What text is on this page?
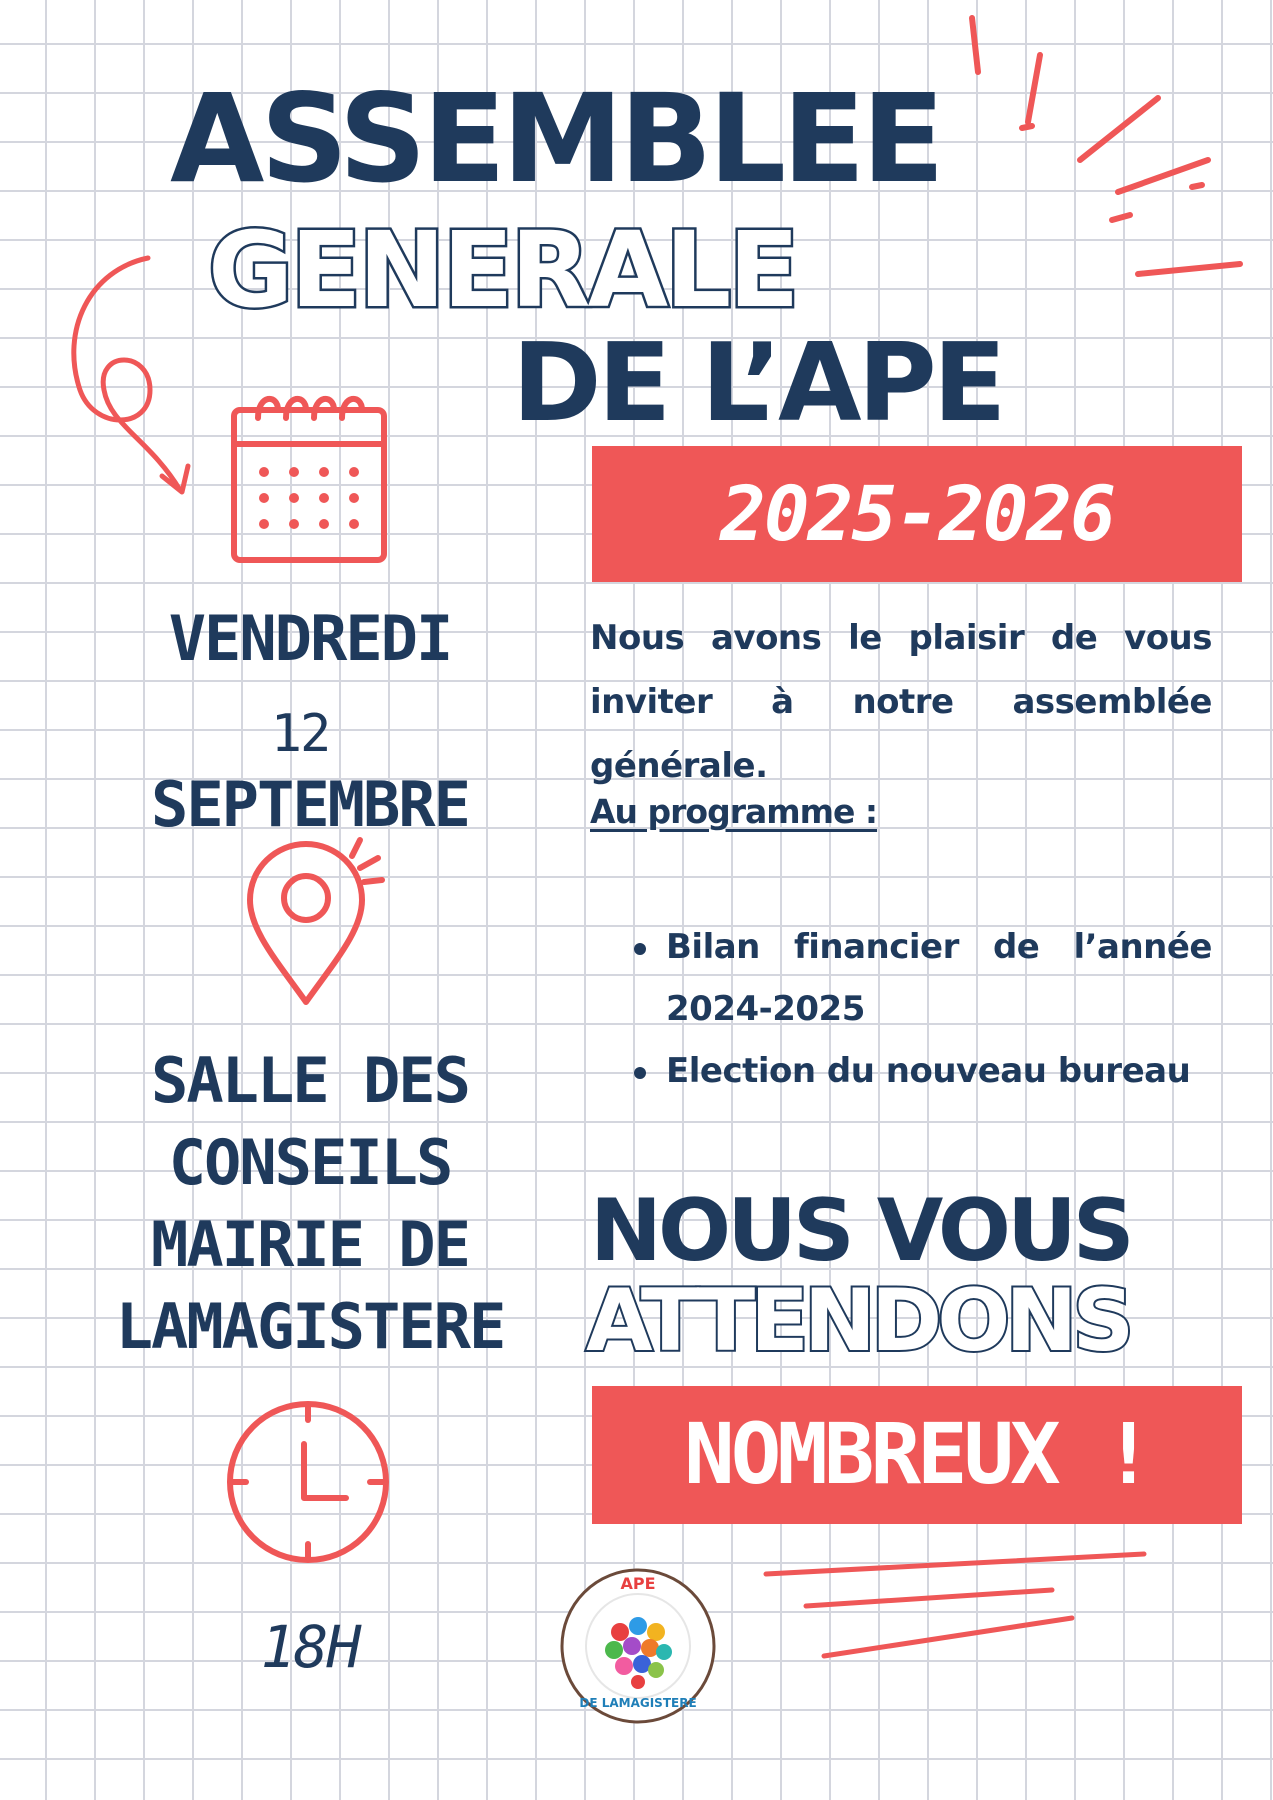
ASSEMBLEE
GENERALE
DE L’APE
2025-2026
VENDREDI
12
SEPTEMBRE
SALLE DES
CONSEILS
MAIRIE DE
LAMAGISTERE
18H
Nous avons le plaisir de vous
inviter à notre assemblée générale.
Au programme :
Bilan financier de l’année
2024-2025
Election du nouveau bureau
NOUS VOUS
ATTENDONS
NOMBREUX !
APE
DE LAMAGISTERE
